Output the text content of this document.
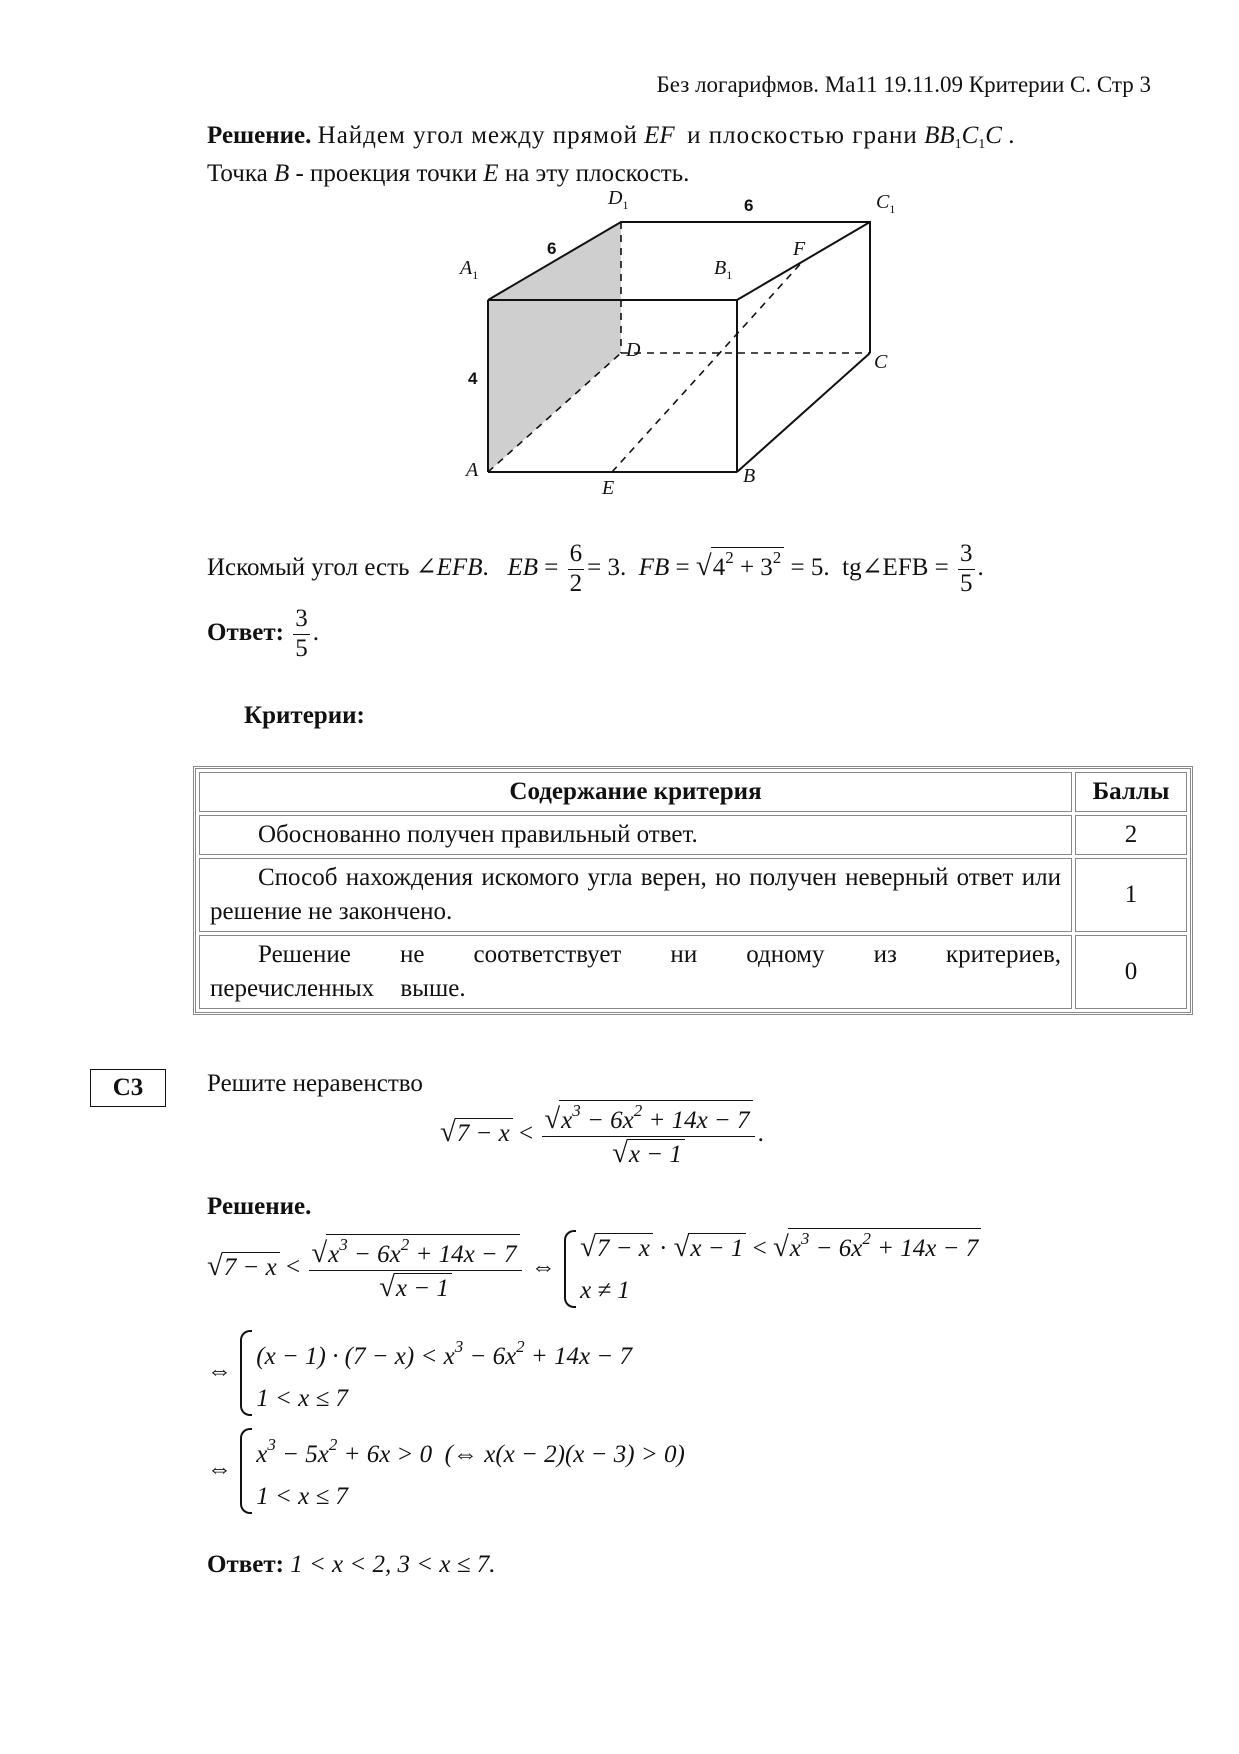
Без логарифмов. Ма11 19.11.09 Критерии С. Стр 3
Решение. Найдем угол между прямой EF и плоскостью грани $BB_1C_1C$ .
Точка B - проекция точки E на эту плоскость.
$D_1$	$C_1$
$A_1$	$B_1$
D
C
A	B
E
F
6
6
4
Искомый угол есть ∠EFB.   EB = $\frac{6}{2} = 3$.  FB = $√4^2 + 3^2 = 5$.  tg∠EFB = $\frac{3}{5}$ .
Ответ: $\frac{3}{5}$ .
Критерии:
Содержание критерия	Баллы
Обоснованно получен правильный ответ.	2
Способ нахождения искомого угла верен, но получен неверный ответ или решение не закончено.	1
Решение не соответствует ни одному из критериев, перечисленных выше.	0
C3	Решите неравенство
$√7 - x < \frac{√x^3 - 6x^2 + 14x - 7}{√x - 1}$ .
Решение.
$√7 - x < \frac{√x^3 - 6x^2 + 14x - 7}{√x - 1}$ ⇔
$√7 - x \cdot √x - 1 < √x^3 - 6x^2 + 14x - 7$
x ≠ 1
⇔
$(x - 1) \cdot (7 - x) < x^3 - 6x^2 + 14x - 7$
1 < x ≤ 7
⇔
$x^3 - 5x^2 + 6x > 0$  (⇔ x(x − 2)(x − 3) > 0)
1 < x ≤ 7
Ответ: 1 < x < 2, 3 < x ≤ 7.
